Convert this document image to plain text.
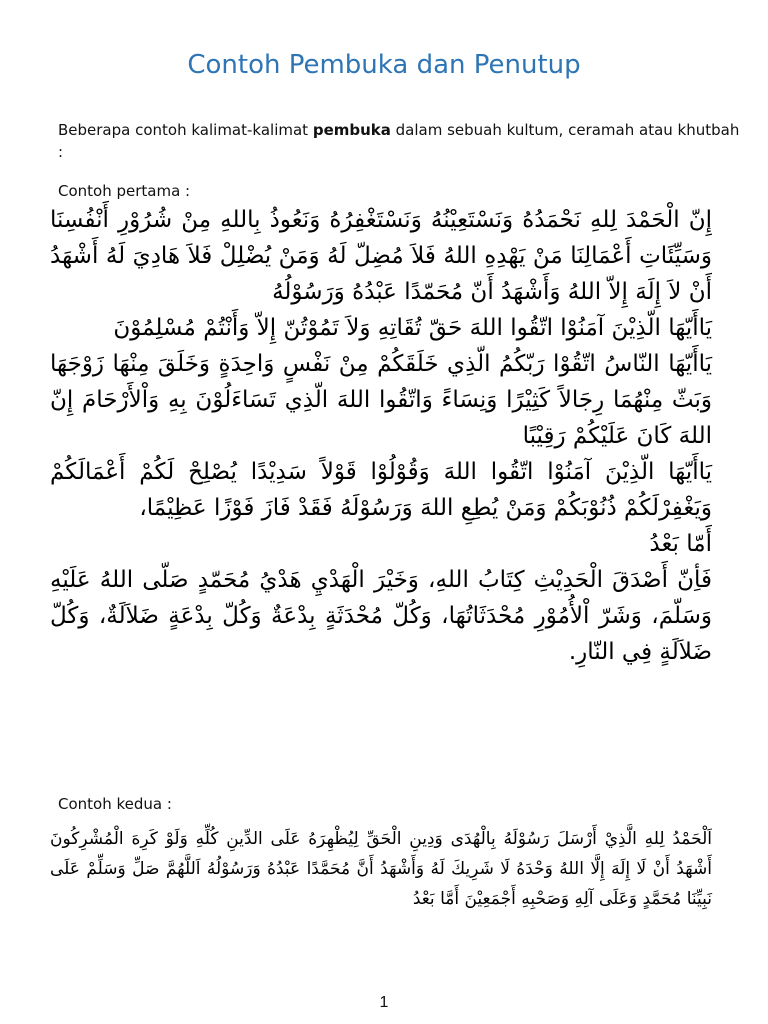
Contoh Pembuka dan Penutup
Beberapa contoh kalimat-kalimat pembuka dalam sebuah kultum, ceramah atau khutbah :
Contoh pertama :

إِنّ الْحَمْدَ لِلهِ نَحْمَدُهُ وَنَسْتَعِيْنُهُ وَنَسْتَغْفِرُهُ وَنَعُوذُ بِاللهِ مِنْ شُرُوْرِ أَنْفُسِنَا وَسَيِّئَاتِ أَعْمَالِنَا مَنْ يَهْدِهِ اللهُ فَلاَ مُضِلّ لَهُ وَمَنْ يُضْلِلْ فَلاَ هَادِيَ لَهُ أَشْهَدُ أَنْ لاَ إِلَهَ إِلاّ اللهُ وَأَشْهَدُ أَنّ مُحَمّدًا عَبْدُهُ وَرَسُوْلُهُ

يَاأَيّهَا الّذِيْنَ آمَنُوْا اتّقُوا اللهَ حَقّ تُقَاتِهِ وَلاَ تَمُوْتُنّ إِلاّ وَأَنْتُمْ مُسْلِمُوْنَ

يَاأَيّهَا النّاسُ اتّقُوْا رَبّكُمُ الّذِي خَلَقَكُمْ مِنْ نَفْسٍ وَاحِدَةٍ وَخَلَقَ مِنْهَا زَوْجَهَا وَبَثّ مِنْهُمَا رِجَالاً كَثِيْرًا وَنِسَاءً وَاتّقُوا اللهَ الّذِي تَسَاءَلُوْنَ بِهِ وَاْلأَرْحَامَ إِنّ اللهَ كَانَ عَلَيْكُمْ رَقِيْبًا

يَاأَيّهَا الّذِيْنَ آمَنُوْا اتّقُوا اللهَ وَقُوْلُوْا قَوْلاً سَدِيْدًا يُصْلِحْ لَكُمْ أَعْمَالَكُمْ وَيَغْفِرْلَكُمْ ذُنُوْبَكُمْ وَمَنْ يُطِعِ اللهَ وَرَسُوْلَهُ فَقَدْ فَازَ فَوْزًا عَظِيْمًا،

أَمّا بَعْدُ

فَأِنّ أَصْدَقَ الْحَدِيْثِ كِتَابُ اللهِ، وَخَيْرَ الْهَدْيِ هَدْيُ مُحَمّدٍ صَلّى اللهُ عَلَيْهِ وَسَلّمَ، وَشَرّ اْلأُمُوْرِ مُحْدَثَاتُهَا، وَكُلّ مُحْدَثَةٍ بِدْعَةٌ وَكُلّ بِدْعَةٍ ضَلاَلَةٌ، وَكُلّ ضَلاَلَةٍ فِي النّارِ.

Contoh kedua :

اَلْحَمْدُ لِلهِ الَّذِيْ أَرْسَلَ رَسُوْلَهُ بِالْهُدَى وَدِينِ الْحَقِّ لِيُظْهِرَهُ عَلَى الدِّينِ كُلِّهِ وَلَوْ كَرِهَ الْمُشْرِكُونَ أَشْهَدُ أَنْ لَا إِلَهَ إِلَّا اللهُ وَحْدَهُ لَا شَرِيكَ لَهُ وَأَشْهَدُ أَنَّ مُحَمَّدًا عَبْدُهُ وَرَسُوْلُهُ اَللَّهُمَّ صَلِّ وَسَلِّمْ عَلَى نَبِيِّنَا مُحَمَّدٍ وَعَلَى آلِهِ وَصَحْبِهِ أَجْمَعِيْنَ أَمَّا بَعْدُ

1
